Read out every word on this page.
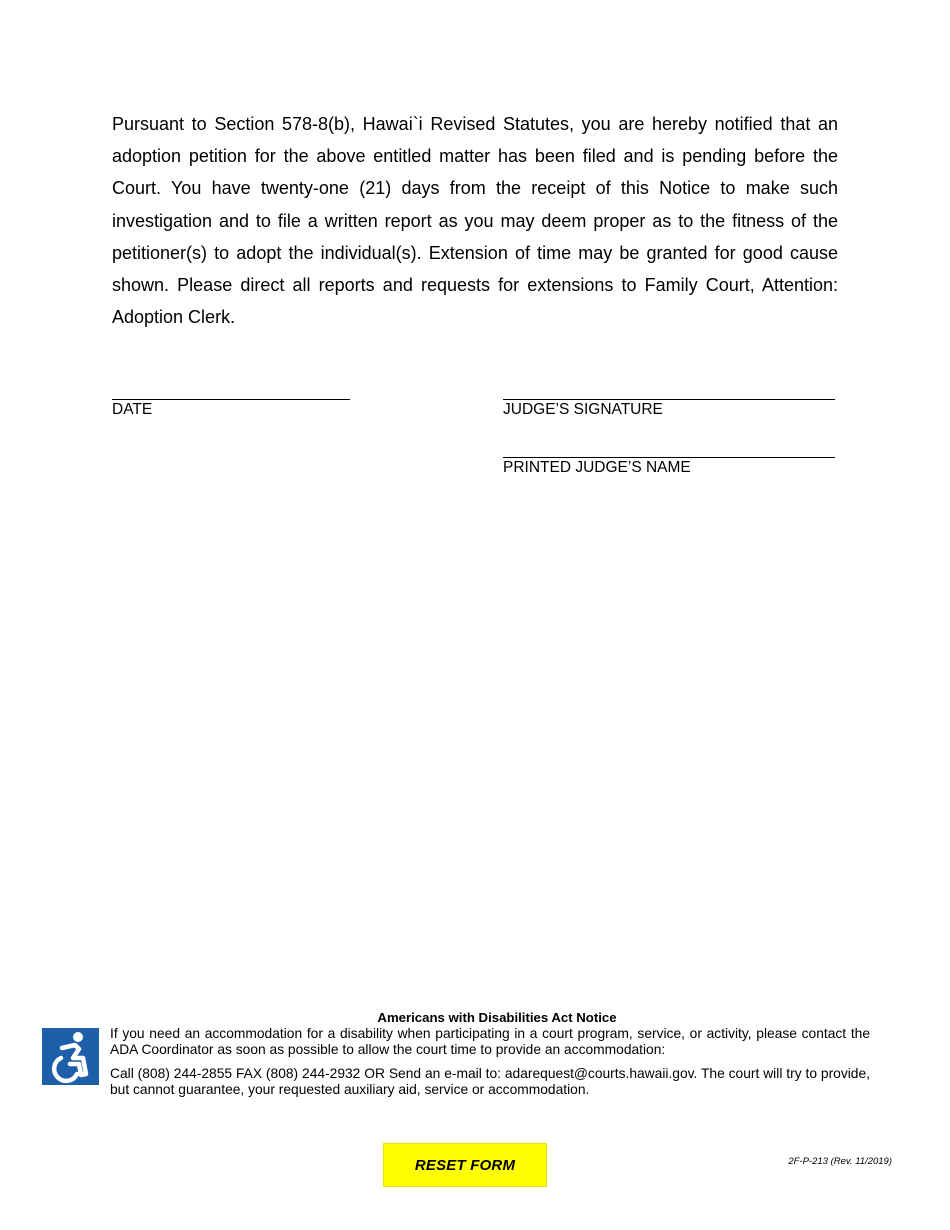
Pursuant to Section 578-8(b), Hawai`i Revised Statutes, you are hereby notified that an adoption petition for the above entitled matter has been filed and is pending before the Court. You have twenty-one (21) days from the receipt of this Notice to make such investigation and to file a written report as you may deem proper as to the fitness of the petitioner(s) to adopt the individual(s). Extension of time may be granted for good cause shown. Please direct all reports and requests for extensions to Family Court, Attention: Adoption Clerk.
DATE	JUDGE’S SIGNATURE
PRINTED JUDGE’S NAME
Americans with Disabilities Act Notice
If you need an accommodation for a disability when participating in a court program, service, or activity, please contact the ADA Coordinator as soon as possible to allow the court time to provide an accommodation:
Call (808) 244-2855 FAX (808) 244-2932 OR Send an e-mail to: adarequest@courts.hawaii.gov. The court will try to provide, but cannot guarantee, your requested auxiliary aid, service or accommodation.
RESET FORM	2F-P-213 (Rev. 11/2019)
